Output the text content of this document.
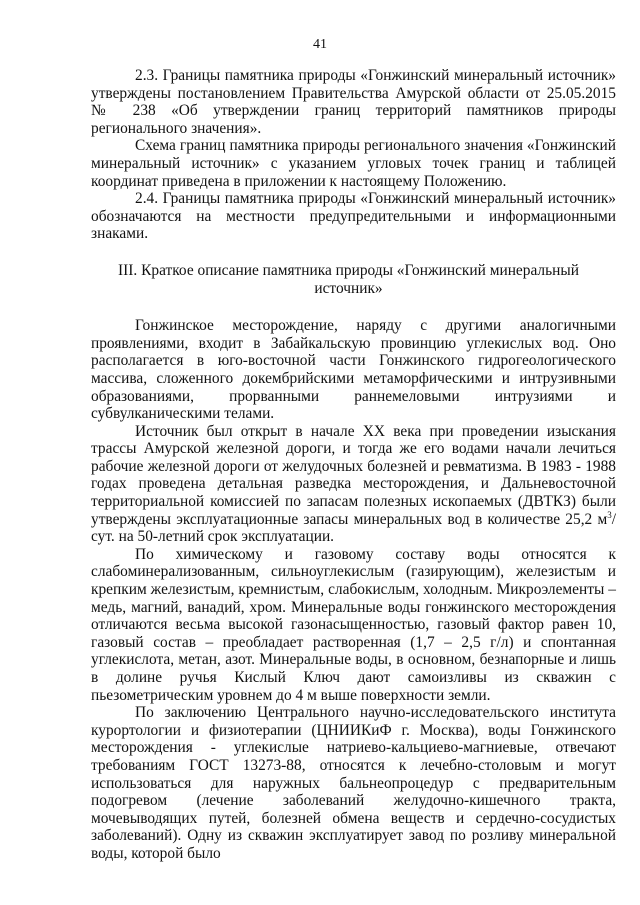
41

2.3. Границы памятника природы «Гонжинский минеральный источник» утверждены постановлением Правительства Амурской области от 25.05.2015 № 238 «Об утверждении границ территорий памятников природы регионального значения».

Схема границ памятника природы регионального значения «Гонжинский минеральный источник» с указанием угловых точек границ и таблицей координат приведена в приложении к настоящему Положению.

2.4. Границы памятника природы «Гонжинский минеральный источник» обозначаются на местности предупредительными и информационными знаками.

III. Краткое описание памятника природы «Гонжинский минеральный источник»

Гонжинское месторождение, наряду с другими аналогичными проявлениями, входит в Забайкальскую провинцию углекислых вод. Оно располагается в юго-восточной части Гонжинского гидрогеологического массива, сложенного докембрийскими метаморфическими и интрузивными образованиями, прорванными раннемеловыми интрузиями и субвулканическими телами.

Источник был открыт в начале XX века при проведении изыскания трассы Амурской железной дороги, и тогда же его водами начали лечиться рабочие железной дороги от желудочных болезней и ревматизма. В 1983 - 1988 годах проведена детальная разведка месторождения, и Дальневосточной территориальной комиссией по запасам полезных ископаемых (ДВТКЗ) были утверждены эксплуатационные запасы минеральных вод в количестве 25,2 $м^3$/сут. на 50-летний срок эксплуатации.

По химическому и газовому составу воды относятся к слабоминерализованным, сильноуглекислым (газирующим), железистым и крепким железистым, кремнистым, слабокислым, холодным. Микроэлементы – медь, магний, ванадий, хром. Минеральные воды гонжинского месторождения отличаются весьма высокой газонасыщенностью, газовый фактор равен 10, газовый состав – преобладает растворенная (1,7 – 2,5 г/л) и спонтанная углекислота, метан, азот. Минеральные воды, в основном, безнапорные и лишь в долине ручья Кислый Ключ дают самоизливы из скважин с пьезометрическим уровнем до 4 м выше поверхности земли.

По заключению Центрального научно-исследовательского института курортологии и физиотерапии (ЦНИИКиФ г. Москва), воды Гонжинского месторождения - углекислые натриево-кальциево-магниевые, отвечают требованиям ГОСТ 13273-88, относятся к лечебно-столовым и могут использоваться для наружных бальнеопроцедур с предварительным подогревом (лечение заболеваний желудочно-кишечного тракта, мочевыводящих путей, болезней обмена веществ и сердечно-сосудистых заболеваний). Одну из скважин эксплуатирует завод по розливу минеральной воды, которой было
